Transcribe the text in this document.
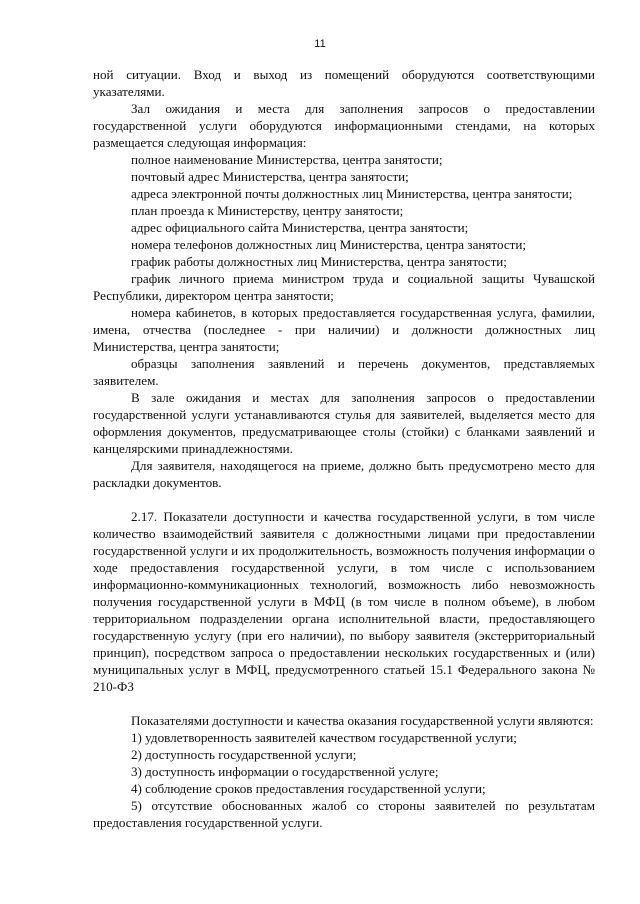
11

ной ситуации. Вход и выход из помещений оборудуются соответствующими указателями.

Зал ожидания и места для заполнения запросов о предоставлении государственной услуги оборудуются информационными стендами, на которых размещается следующая информация:

полное наименование Министерства, центра занятости;

почтовый адрес Министерства, центра занятости;

адреса электронной почты должностных лиц Министерства, центра занятости;

план проезда к Министерству, центру занятости;

адрес официального сайта Министерства, центра занятости;

номера телефонов должностных лиц Министерства, центра занятости;

график работы должностных лиц Министерства, центра занятости;

график личного приема министром труда и социальной защиты Чувашской Республики, директором центра занятости;

номера кабинетов, в которых предоставляется государственная услуга, фамилии, имена, отчества (последнее - при наличии) и должности должностных лиц Министерства, центра занятости;

образцы заполнения заявлений и перечень документов, представляемых заявителем.

В зале ожидания и местах для заполнения запросов о предоставлении государственной услуги устанавливаются стулья для заявителей, выделяется место для оформления документов, предусматривающее столы (стойки) с бланками заявлений и канцелярскими принадлежностями.

Для заявителя, находящегося на приеме, должно быть предусмотрено место для раскладки документов.

2.17. Показатели доступности и качества государственной услуги, в том числе количество взаимодействий заявителя с должностными лицами при предоставлении государственной услуги и их продолжительность, возможность получения информации о ходе предоставления государственной услуги, в том числе с использованием информационно-коммуникационных технологий, возможность либо невозможность получения государственной услуги в МФЦ (в том числе в полном объеме), в любом территориальном подразделении органа исполнительной власти, предоставляющего государственную услугу (при его наличии), по выбору заявителя (экстерриториальный принцип), посредством запроса о предоставлении нескольких государственных и (или) муниципальных услуг в МФЦ, предусмотренного статьей 15.1 Федерального закона № 210-ФЗ

Показателями доступности и качества оказания государственной услуги являются:

1) удовлетворенность заявителей качеством государственной услуги;

2) доступность государственной услуги;

3) доступность информации о государственной услуге;

4) соблюдение сроков предоставления государственной услуги;

5) отсутствие обоснованных жалоб со стороны заявителей по результатам предоставления государственной услуги.
